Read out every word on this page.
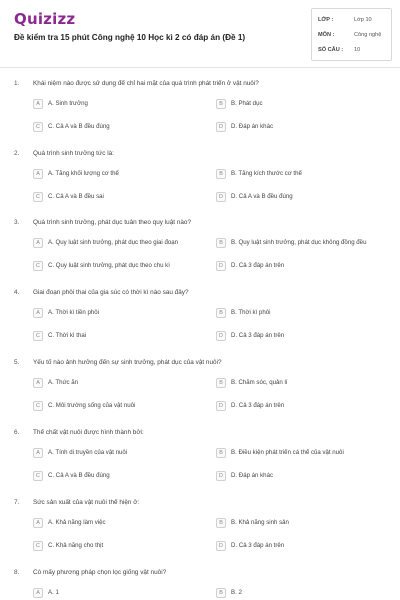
Quizizz
Đề kiểm tra 15 phút Công nghệ 10 Học kì 2 có đáp án (Đề 1)
LỚP :	Lớp 10
MÔN :	Công nghệ
SỐ CÂU :	10
1. Khái niệm nào được sử dụng để chỉ hai mặt của quá trình phát triển ở vật nuôi?
A	A. Sinh trưởng	B	B. Phát dục
C	C. Cả A và B đều đúng	D	D. Đáp án khác
2. Quá trình sinh trưởng tức là:
A	A. Tăng khối lượng cơ thể	B	B. Tăng kích thước cơ thể
C	C. Cả A và B đều sai	D	D. Cả A và B đều đúng
3. Quá trình sinh trưởng, phát dục tuân theo quy luật nào?
A	A. Quy luật sinh trưởng, phát dục theo giai đoạn	B	B. Quy luật sinh trưởng, phát dục không đồng đều
C	C. Quy luật sinh trưởng, phát dục theo chu kì	D	D. Cả 3 đáp án trên
4. Giai đoạn phôi thai của gia súc có thời kì nào sau đây?
A	A. Thời kì tiền phôi	B	B. Thời kì phôi
C	C. Thời kì thai	D	D. Cả 3 đáp án trên
5. Yếu tố nào ảnh hưởng đến sự sinh trưởng, phát dục của vật nuôi?
A	A. Thức ăn	B	B. Chăm sóc, quản lí
C	C. Môi trường sống của vật nuôi	D	D. Cả 3 đáp án trên
6. Thể chất vật nuôi được hình thành bởi:
A	A. Tính di truyền của vật nuôi	B	B. Điều kiện phát triển cá thể của vật nuôi
C	C. Cả A và B đều đúng	D	D. Đáp án khác
7. Sức sản xuất của vật nuôi thể hiện ở:
A	A. Khả năng làm việc	B	B. Khả năng sinh sản
C	C. Khả năng cho thịt	D	D. Cả 3 đáp án trên
8. Có mấy phương pháp chọn lọc giống vật nuôi?
A	A. 1	B	B. 2
